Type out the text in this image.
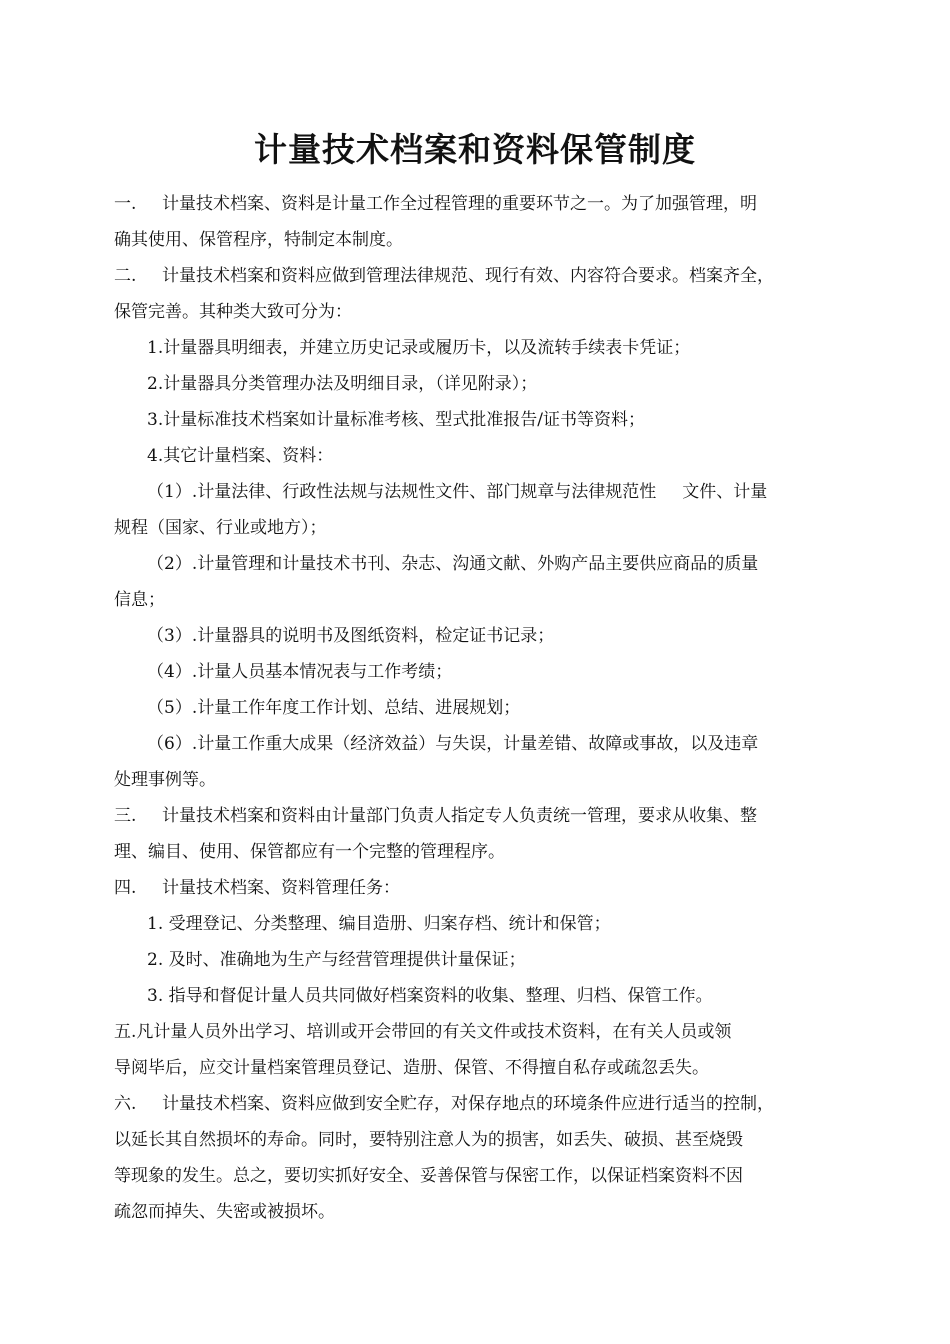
计量技术档案和资料保管制度
一. 计量技术档案、资料是计量工作全过程管理的重要环节之一。为了加强管理，明
确其使用、保管程序，特制定本制度。
二. 计量技术档案和资料应做到管理法律规范、现行有效、内容符合要求。档案齐全，
保管完善。其种类大致可分为：
1.计量器具明细表，并建立历史记录或履历卡，以及流转手续表卡凭证；
2.计量器具分类管理办法及明细目录，（详见附录）；
3.计量标准技术档案如计量标准考核、型式批准报告/证书等资料；
4.其它计量档案、资料：
（1）.计量法律、行政性法规与法规性文件、部门规章与法律规范性 文件、计量
规程（国家、行业或地方）；
（2）.计量管理和计量技术书刊、杂志、沟通文献、外购产品主要供应商品的质量
信息；
（3）.计量器具的说明书及图纸资料，检定证书记录；
（4）.计量人员基本情况表与工作考绩；
（5）.计量工作年度工作计划、总结、进展规划；
（6）.计量工作重大成果（经济效益）与失误，计量差错、故障或事故，以及违章
处理事例等。
三. 计量技术档案和资料由计量部门负责人指定专人负责统一管理，要求从收集、整
理、编目、使用、保管都应有一个完整的管理程序。
四. 计量技术档案、资料管理任务：
1. 受理登记、分类整理、编目造册、归案存档、统计和保管；
2. 及时、准确地为生产与经营管理提供计量保证；
3. 指导和督促计量人员共同做好档案资料的收集、整理、归档、保管工作。
五.凡计量人员外出学习、培训或开会带回的有关文件或技术资料，在有关人员或领
导阅毕后，应交计量档案管理员登记、造册、保管、不得擅自私存或疏忽丢失。
六. 计量技术档案、资料应做到安全贮存，对保存地点的环境条件应进行适当的控制，
以延长其自然损坏的寿命。同时，要特别注意人为的损害，如丢失、破损、甚至烧毁
等现象的发生。总之，要切实抓好安全、妥善保管与保密工作，以保证档案资料不因
疏忽而掉失、失密或被损坏。
